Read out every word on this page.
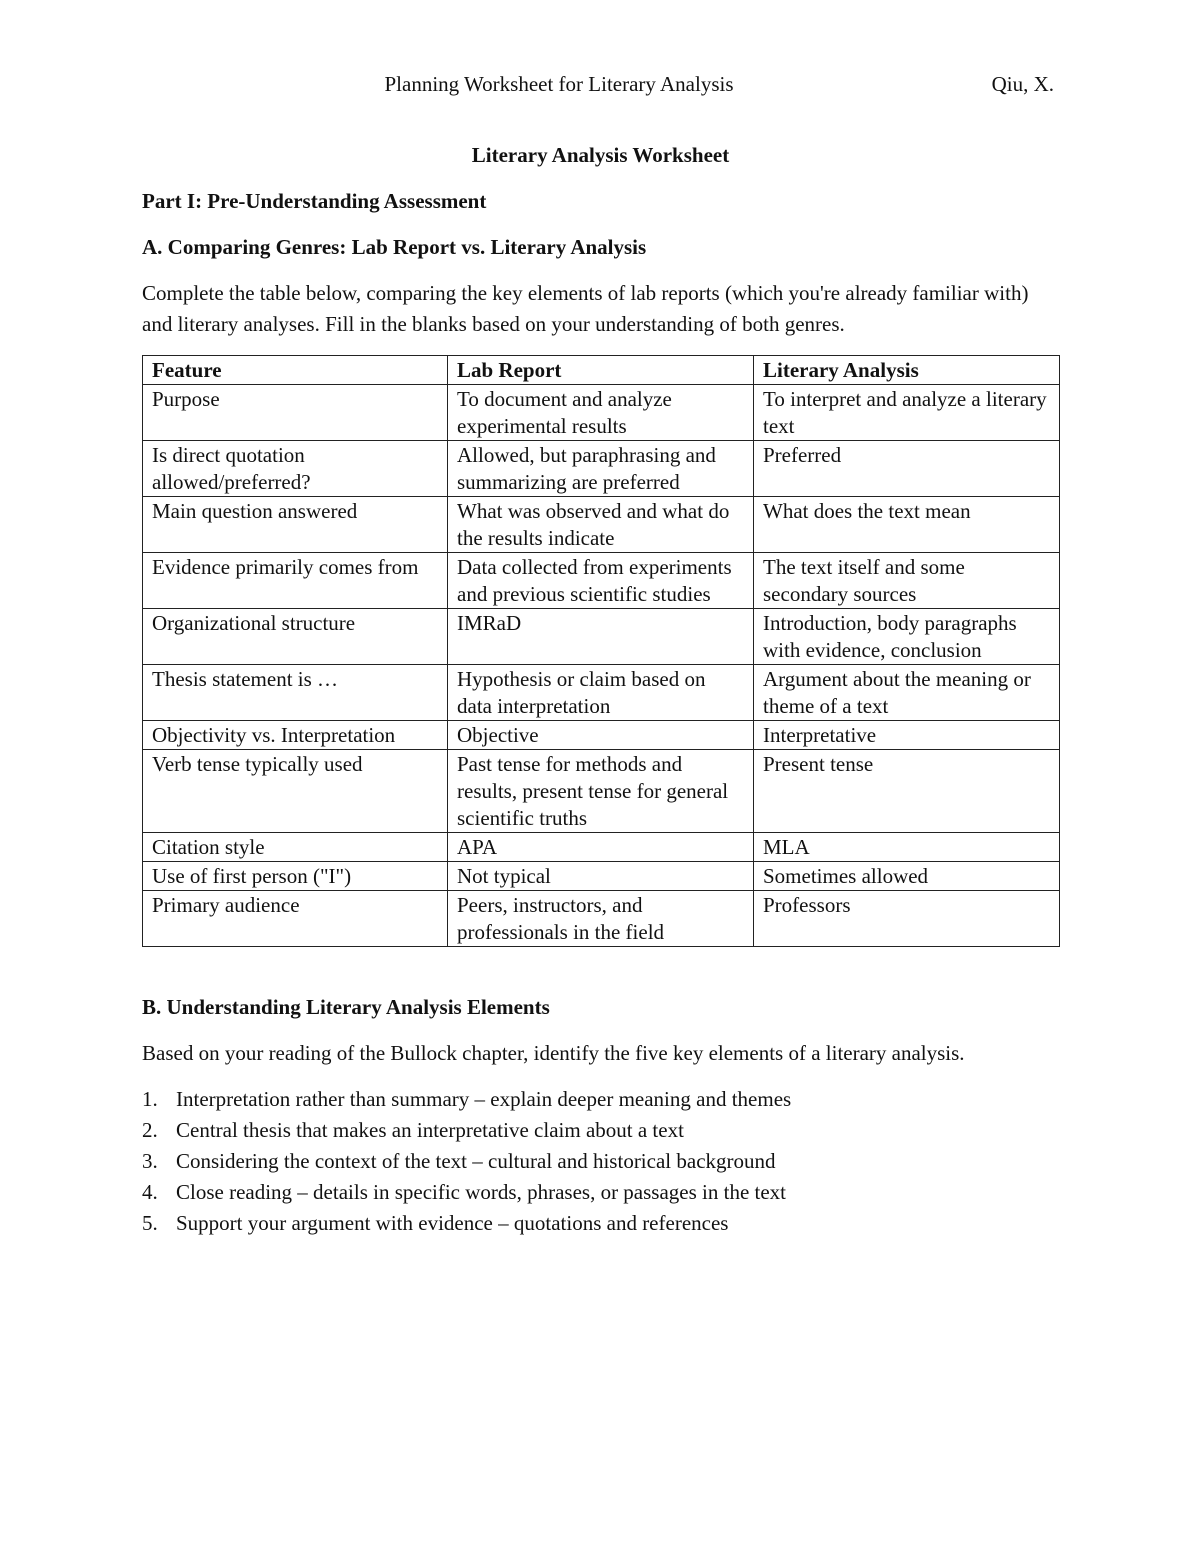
Planning Worksheet for Literary Analysis	Qiu, X.
Literary Analysis Worksheet
Part I: Pre-Understanding Assessment
A. Comparing Genres: Lab Report vs. Literary Analysis
Complete the table below, comparing the key elements of lab reports (which you're already familiar with) and literary analyses. Fill in the blanks based on your understanding of both genres.
Feature	Lab Report	Literary Analysis
Purpose	To document and analyze experimental results	To interpret and analyze a literary text
Is direct quotation allowed/preferred?	Allowed, but paraphrasing and summarizing are preferred	Preferred
Main question answered	What was observed and what do the results indicate	What does the text mean
Evidence primarily comes from	Data collected from experiments and previous scientific studies	The text itself and some secondary sources
Organizational structure	IMRaD	Introduction, body paragraphs with evidence, conclusion
Thesis statement is …	Hypothesis or claim based on data interpretation	Argument about the meaning or theme of a text
Objectivity vs. Interpretation	Objective	Interpretative
Verb tense typically used	Past tense for methods and results, present tense for general scientific truths	Present tense
Citation style	APA	MLA
Use of first person ("I")	Not typical	Sometimes allowed
Primary audience	Peers, instructors, and professionals in the field	Professors
B. Understanding Literary Analysis Elements
Based on your reading of the Bullock chapter, identify the five key elements of a literary analysis.
1. Interpretation rather than summary – explain deeper meaning and themes
2. Central thesis that makes an interpretative claim about a text
3. Considering the context of the text – cultural and historical background
4. Close reading – details in specific words, phrases, or passages in the text
5. Support your argument with evidence – quotations and references
